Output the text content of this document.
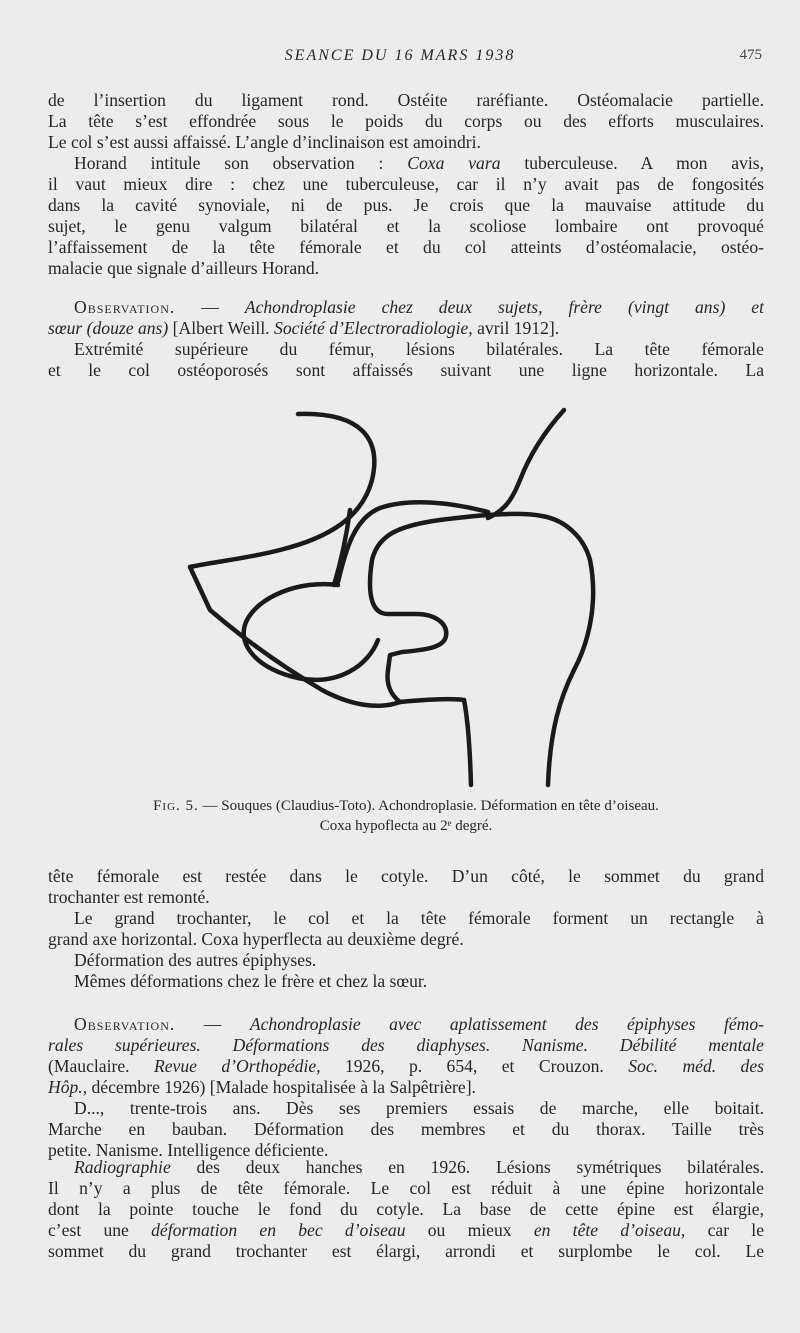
SEANCE DU 16 MARS 1938	475
de l’insertion du ligament rond. Ostéite raréfiante. Ostéomalacie partielle.
La tête s’est effondrée sous le poids du corps ou des efforts musculaires.
Le col s’est aussi affaissé. L’angle d’inclinaison est amoindri.
Horand intitule son observation : Coxa vara tuberculeuse. A mon avis,
il vaut mieux dire : chez une tuberculeuse, car il n’y avait pas de fongosités
dans la cavité synoviale, ni de pus. Je crois que la mauvaise attitude du
sujet, le genu valgum bilatéral et la scoliose lombaire ont provoqué
l’affaissement de la tête fémorale et du col atteints d’ostéomalacie, ostéo-
malacie que signale d’ailleurs Horand.
Observation. — Achondroplasie chez deux sujets, frère (vingt ans) et
sœur (douze ans) [Albert Weill. Société d’Electroradiologie, avril 1912].
Extrémité supérieure du fémur, lésions bilatérales. La tête fémorale
et le col ostéoporosés sont affaissés suivant une ligne horizontale. La
Fig. 5. — Souques (Claudius-Toto). Achondroplasie. Déformation en tête d’oiseau.
Coxa hypoflecta au 2ᵉ degré.
tête fémorale est restée dans le cotyle. D’un côté, le sommet du grand
trochanter est remonté.
Le grand trochanter, le col et la tête fémorale forment un rectangle à
grand axe horizontal. Coxa hyperflecta au deuxième degré.
Déformation des autres épiphyses.
Mêmes déformations chez le frère et chez la sœur.
Observation. — Achondroplasie avec aplatissement des épiphyses fémo-
rales supérieures. Déformations des diaphyses. Nanisme. Débilité mentale
(Mauclaire. Revue d’Orthopédie, 1926, p. 654, et Crouzon. Soc. méd. des
Hôp., décembre 1926) [Malade hospitalisée à la Salpêtrière].
D..., trente-trois ans. Dès ses premiers essais de marche, elle boitait.
Marche en bauban. Déformation des membres et du thorax. Taille très
petite. Nanisme. Intelligence déficiente.
Radiographie des deux hanches en 1926. Lésions symétriques bilatérales.
Il n’y a plus de tête fémorale. Le col est réduit à une épine horizontale
dont la pointe touche le fond du cotyle. La base de cette épine est élargie,
c’est une déformation en bec d’oiseau ou mieux en tête d’oiseau, car le
sommet du grand trochanter est élargi, arrondi et surplombe le col. Le
